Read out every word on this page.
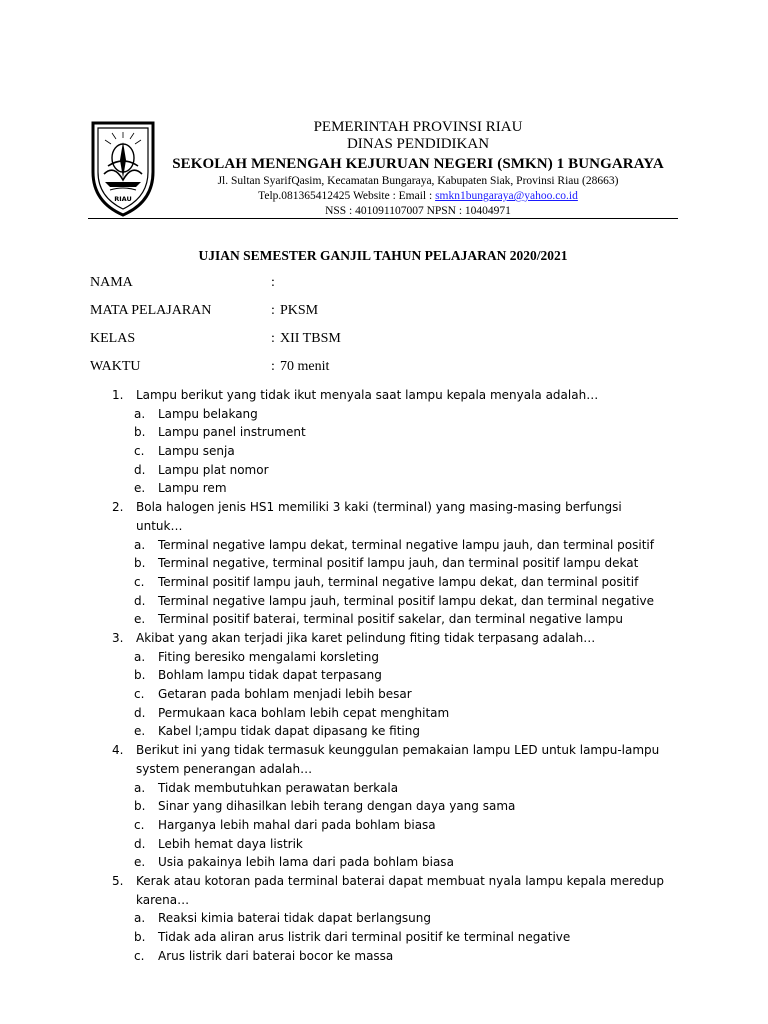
RIAU
PEMERINTAH PROVINSI RIAU
DINAS PENDIDIKAN
SEKOLAH MENENGAH KEJURUAN NEGERI (SMKN) 1 BUNGARAYA
Jl. Sultan SyarifQasim, Kecamatan Bungaraya, Kabupaten Siak, Provinsi Riau (28663)
Telp.081365412425 Website : Email : smkn1bungaraya@yahoo.co.id
NSS : 401091107007 NPSN : 10404971
UJIAN SEMESTER GANJIL TAHUN PELAJARAN 2020/2021
NAMA	:
MATA PELAJARAN	: PKSM
KELAS	: XII TBSM
WAKTU	: 70 menit
1. Lampu berikut yang tidak ikut menyala saat lampu kepala menyala adalah…
a. Lampu belakang
b. Lampu panel instrument
c. Lampu senja
d. Lampu plat nomor
e. Lampu rem
2. Bola halogen jenis HS1 memiliki 3 kaki (terminal) yang masing-masing berfungsi untuk…
a. Terminal negative lampu dekat, terminal negative lampu jauh, dan terminal positif
b. Terminal negative, terminal positif lampu jauh, dan terminal positif lampu dekat
c. Terminal positif lampu jauh, terminal negative lampu dekat, dan terminal positif
d. Terminal negative lampu jauh, terminal positif lampu dekat, dan terminal negative
e. Terminal positif baterai, terminal positif sakelar, dan terminal negative lampu
3. Akibat yang akan terjadi jika karet pelindung fiting tidak terpasang adalah…
a. Fiting beresiko mengalami korsleting
b. Bohlam lampu tidak dapat terpasang
c. Getaran pada bohlam menjadi lebih besar
d. Permukaan kaca bohlam lebih cepat menghitam
e. Kabel l;ampu tidak dapat dipasang ke fiting
4. Berikut ini yang tidak termasuk keunggulan pemakaian lampu LED untuk lampu-lampu system penerangan adalah…
a. Tidak membutuhkan perawatan berkala
b. Sinar yang dihasilkan lebih terang dengan daya yang sama
c. Harganya lebih mahal dari pada bohlam biasa
d. Lebih hemat daya listrik
e. Usia pakainya lebih lama dari pada bohlam biasa
5. Kerak atau kotoran pada terminal baterai dapat membuat nyala lampu kepala meredup karena…
a. Reaksi kimia baterai tidak dapat berlangsung
b. Tidak ada aliran arus listrik dari terminal positif ke terminal negative
c. Arus listrik dari baterai bocor ke massa
